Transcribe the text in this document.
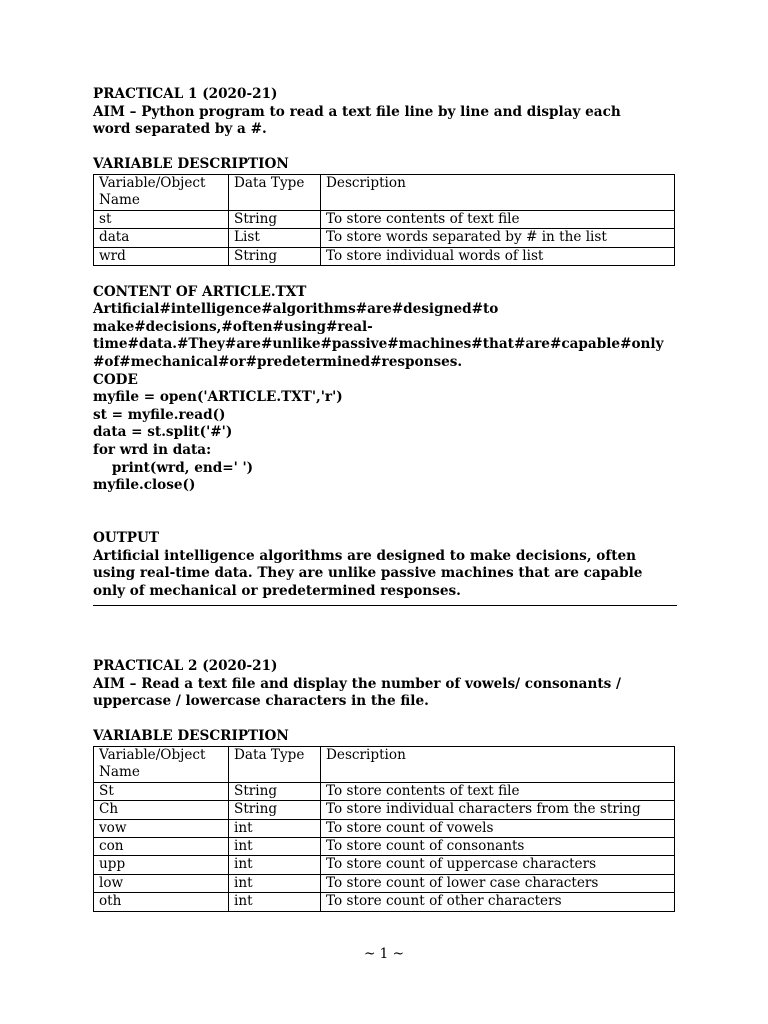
PRACTICAL 1 (2020-21)
AIM – Python program to read a text file line by line and display each
word separated by a #.
VARIABLE DESCRIPTION
Variable/Object Name	Data Type	Description
st	String	To store contents of text file
data	List	To store words separated by # in the list
wrd	String	To store individual words of list
CONTENT OF ARTICLE.TXT
Artificial#intelligence#algorithms#are#designed#to
make#decisions,#often#using#real-
time#data.#They#are#unlike#passive#machines#that#are#capable#only
#of#mechanical#or#predetermined#responses.
CODE
myfile = open('ARTICLE.TXT','r')
st = myfile.read()
data = st.split('#')
for wrd in data:
print(wrd, end=' ')
myfile.close()
OUTPUT
Artificial intelligence algorithms are designed to make decisions, often
using real-time data. They are unlike passive machines that are capable
only of mechanical or predetermined responses.
PRACTICAL 2 (2020-21)
AIM – Read a text file and display the number of vowels/ consonants /
uppercase / lowercase characters in the file.
VARIABLE DESCRIPTION
Variable/Object Name	Data Type	Description
St	String	To store contents of text file
Ch	String	To store individual characters from the string
vow	int	To store count of vowels
con	int	To store count of consonants
upp	int	To store count of uppercase characters
low	int	To store count of lower case characters
oth	int	To store count of other characters
~ 1 ~
